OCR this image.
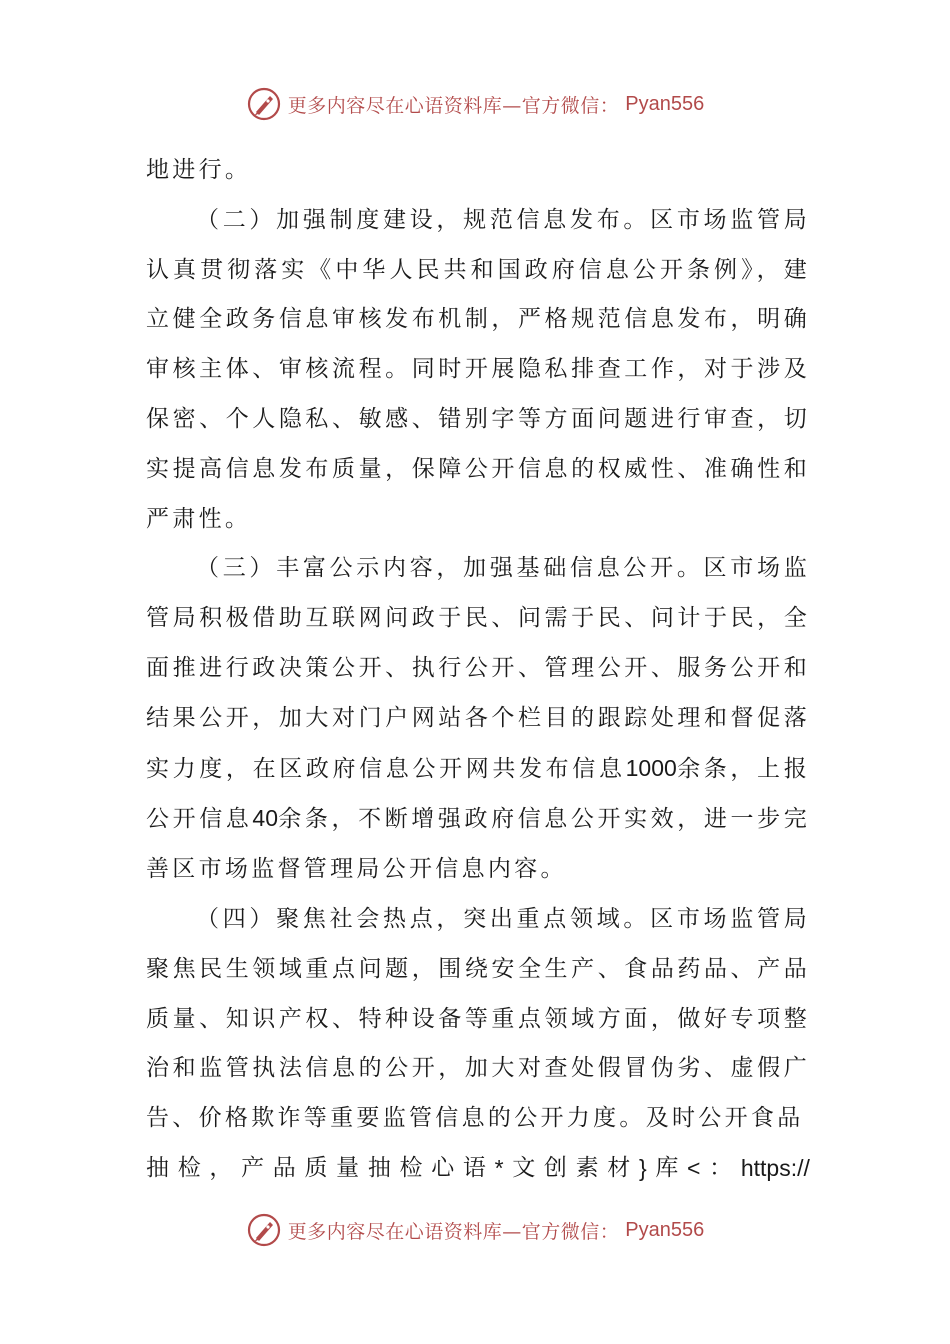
更多内容尽在心语资料库—官方微信： Pyan556

地进行。

（二）加强制度建设，规范信息发布。区市场监管局认真贯彻落实《中华人民共和国政府信息公开条例》，建立健全政务信息审核发布机制，严格规范信息发布，明确审核主体、审核流程。同时开展隐私排查工作，对于涉及保密、个人隐私、敏感、错别字等方面问题进行审查，切实提高信息发布质量，保障公开信息的权威性、准确性和严肃性。

（三）丰富公示内容，加强基础信息公开。区市场监管局积极借助互联网问政于民、问需于民、问计于民，全面推进行政决策公开、执行公开、管理公开、服务公开和结果公开，加大对门户网站各个栏目的跟踪处理和督促落实力度，在区政府信息公开网共发布信息1000余条，上报公开信息40余条，不断增强政府信息公开实效，进一步完善区市场监督管理局公开信息内容。

（四）聚焦社会热点，突出重点领域。区市场监管局聚焦民生领域重点问题，围绕安全生产、食品药品、产品质量、知识产权、特种设备等重点领域方面，做好专项整治和监管执法信息的公开，加大对查处假冒伪劣、虚假广告、价格欺诈等重要监管信息的公开力度。及时公开食品

抽 检 ， 产 品 质 量 抽 检 心 语 * 文 创 素 材 } 库 < ： https://
更多内容尽在心语资料库—官方微信： Pyan556
